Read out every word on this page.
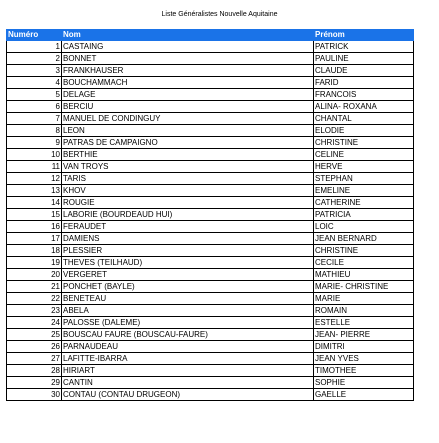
Liste Généralistes Nouvelle Aquitaine
Numéro	Nom	Prénom
1	CASTAING	PATRICK
2	BONNET	PAULINE
3	FRANKHAUSER	CLAUDE
4	BOUCHAMMACH	FARID
5	DELAGE	FRANCOIS
6	BERCIU	ALINA- ROXANA
7	MANUEL DE CONDINGUY	CHANTAL
8	LEON	ELODIE
9	PATRAS DE CAMPAIGNO	CHRISTINE
10	BERTHIE	CELINE
11	VAN TROYS	HERVE
12	TARIS	STEPHAN
13	KHOV	EMELINE
14	ROUGIE	CATHERINE
15	LABORIE (BOURDEAUD HUI)	PATRICIA
16	FERAUDET	LOIC
17	DAMIENS	JEAN BERNARD
18	PLESSIER	CHRISTINE
19	THEVES (TEILHAUD)	CECILE
20	VERGERET	MATHIEU
21	PONCHET (BAYLE)	MARIE- CHRISTINE
22	BENETEAU	MARIE
23	ABELA	ROMAIN
24	PALOSSE (DALEME)	ESTELLE
25	BOUSCAU FAURE (BOUSCAU-FAURE)	JEAN- PIERRE
26	PARNAUDEAU	DIMITRI
27	LAFITTE-IBARRA	JEAN YVES
28	HIRIART	TIMOTHEE
29	CANTIN	SOPHIE
30	CONTAU (CONTAU DRUGEON)	GAELLE
